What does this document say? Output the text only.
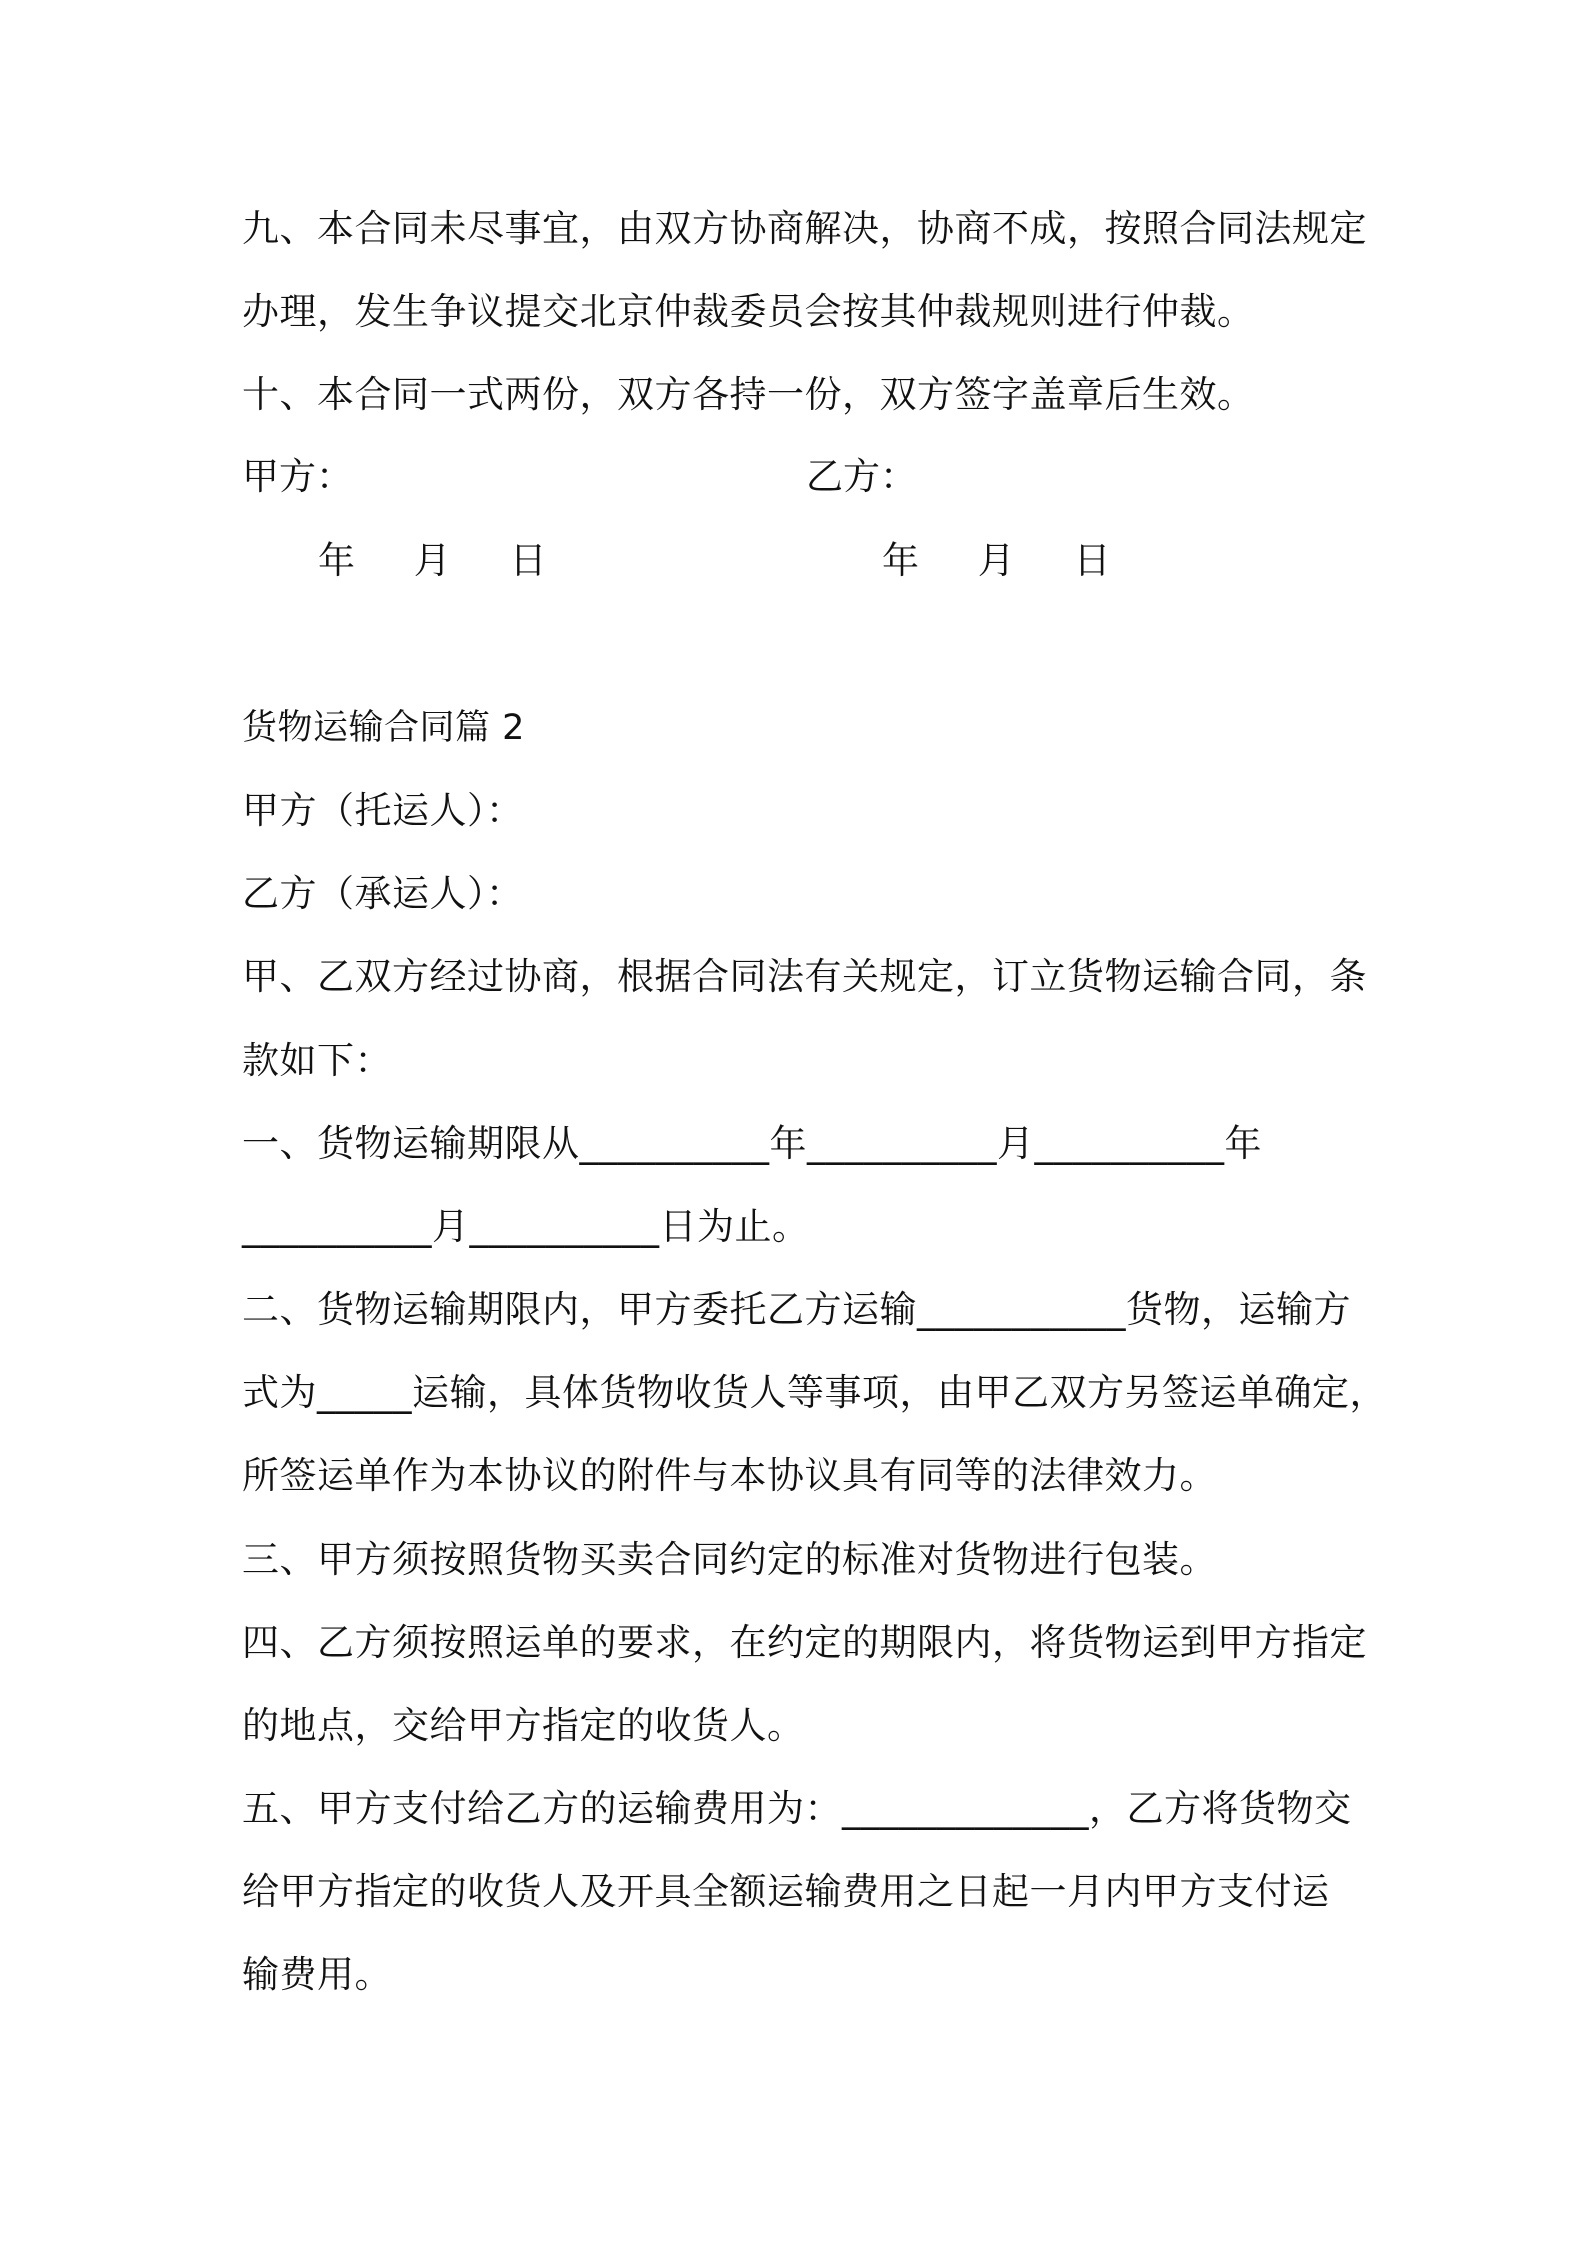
九、本合同未尽事宜，由双方协商解决，协商不成，按照合同法规定
办理，发生争议提交北京仲裁委员会按其仲裁规则进行仲裁。
十、本合同一式两份，双方各持一份，双方签字盖章后生效。
甲方：	乙方：
年     月     日	年     月     日
货物运输合同篇 2
甲方（托运人）：
乙方（承运人）：
甲、乙双方经过协商，根据合同法有关规定，订立货物运输合同，条
款如下：
一、货物运输期限从__________年__________月__________年
__________月__________日为止。
二、货物运输期限内，甲方委托乙方运输___________货物，运输方
式为_____运输，具体货物收货人等事项，由甲乙双方另签运单确定，
所签运单作为本协议的附件与本协议具有同等的法律效力。
三、甲方须按照货物买卖合同约定的标准对货物进行包装。
四、乙方须按照运单的要求，在约定的期限内，将货物运到甲方指定
的地点，交给甲方指定的收货人。
五、甲方支付给乙方的运输费用为：_____________，乙方将货物交
给甲方指定的收货人及开具全额运输费用之日起一月内甲方支付运
输费用。
